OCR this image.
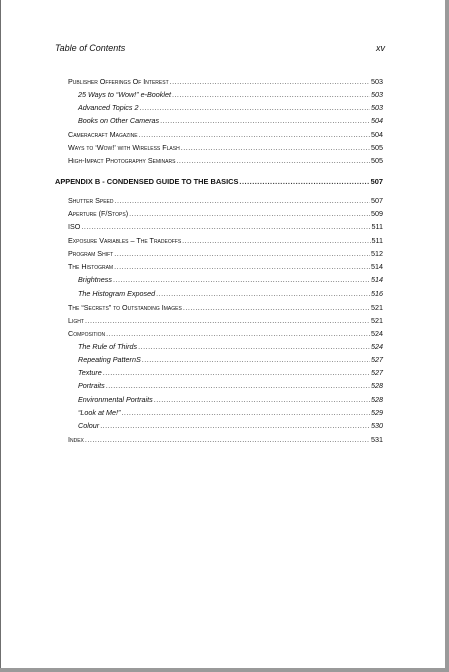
Table of Contents	xv
Publisher Offerings Of Interest .....	503
25 Ways to “Wow!” e-Booklet .....	503
Advanced Topics 2 .....	503
Books on Other Cameras .....	504
Cameracraft Magazine .....	504
Ways to ‘Wow!’ with Wireless Flash .....	505
High-Impact Photography Seminars .....	505
APPENDIX B - CONDENSED GUIDE TO THE BASICS .....	507
Shutter Speed .....	507
Aperture (F/Stops) .....	509
ISO .....	511
Exposure Variables – The Tradeoffs .....	511
Program Shift .....	512
The Histogram .....	514
Brightness .....	514
The Histogram Exposed .....	516
The “Secrets” to Outstanding Images .....	521
Light .....	521
Composition .....	524
The Rule of Thirds .....	524
Repeating PatternS .....	527
Texture .....	527
Portraits .....	528
Environmental Portraits .....	528
“Look at Me!” .....	529
Colour .....	530
Index .....	531
